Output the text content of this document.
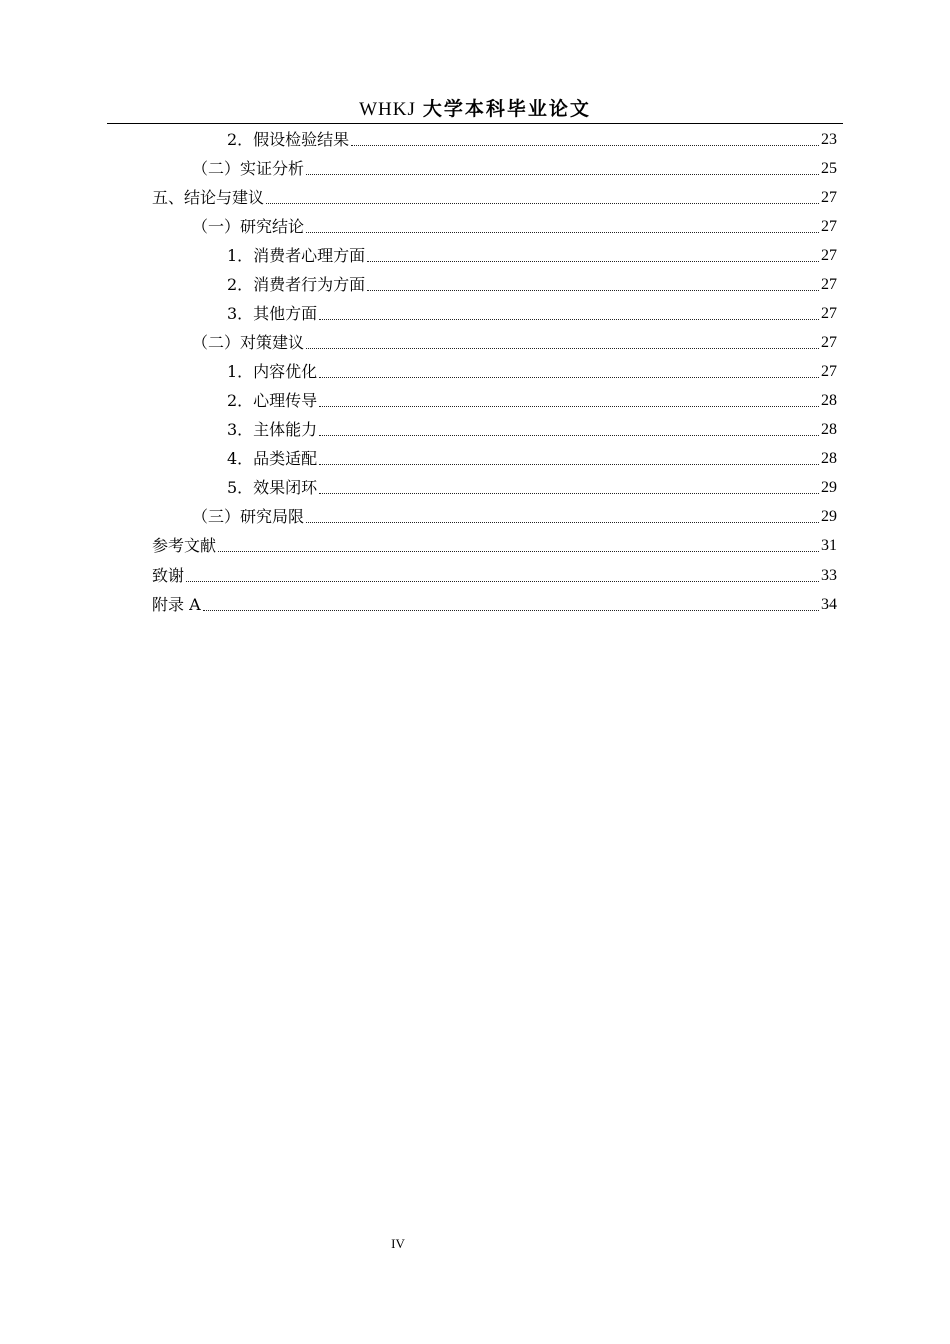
WHKJ 大学本科毕业论文
2．假设检验结果	23
（二）实证分析	25
五、结论与建议	27
（一）研究结论	27
1．消费者心理方面	27
2．消费者行为方面	27
3．其他方面	27
（二）对策建议	27
1．内容优化	27
2．心理传导	28
3．主体能力	28
4．品类适配	28
5．效果闭环	29
（三）研究局限	29
参考文献	31
致谢	33
附录 A	34
IV
